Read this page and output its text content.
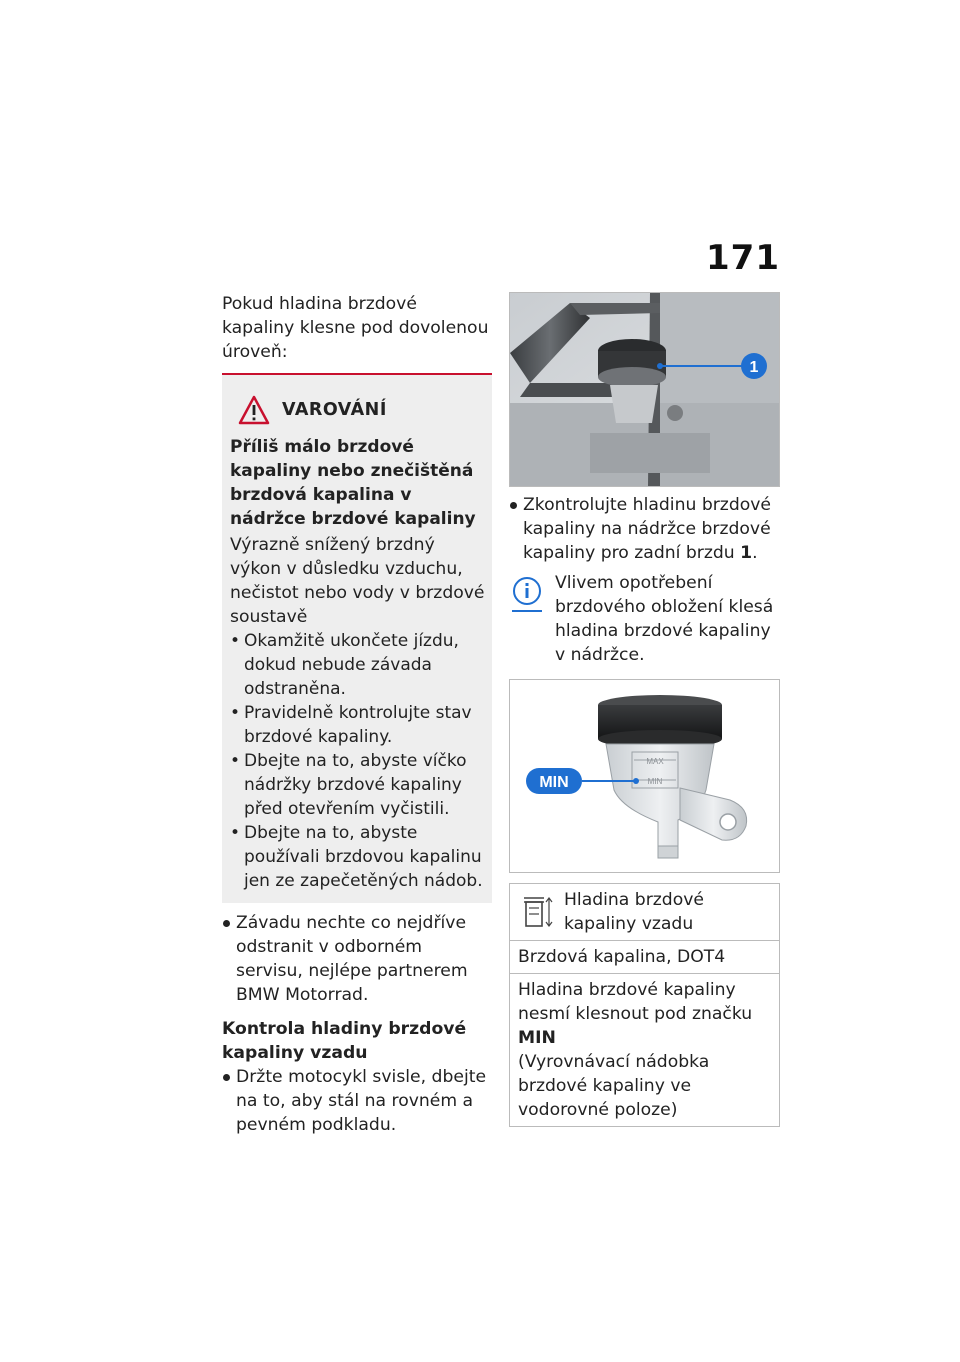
171

Pokud hladina brzdové kapaliny klesne pod dovolenou úroveň:

VAROVÁNÍ
Příliš málo brzdové kapaliny nebo znečištěná brzdová kapalina v nádržce brzdové kapaliny

Výrazně snížený brzdný výkon v důsledku vzduchu, nečistot nebo vody v brzdové soustavě

• Okamžitě ukončete jízdu, dokud nebude závada odstraněna.
• Pravidelně kontrolujte stav brzdové kapaliny.
• Dbejte na to, abyste víčko nádržky brzdové kapaliny před otevřením vyčistili.
• Dbejte na to, abyste používali brzdovou kapalinu jen ze zapečetěných nádob.
Závadu nechte co nejdříve odstranit v odborném servisu, nejlépe partnerem BMW Motorrad.
Kontrola hladiny brzdové kapaliny vzadu
Držte motocykl svisle, dbejte na to, aby stál na rovném a pevném podkladu.
1
Zkontrolujte hladinu brzdové kapaliny na nádržce brzdové kapaliny pro zadní brzdu 1.

Vlivem opotřebení brzdového obložení klesá hladina brzdové kapaliny v nádržce.

MAX
MIN
MIN
Hladina brzdové kapaliny vzadu
Brzdová kapalina, DOT4
Hladina brzdové kapaliny nesmí klesnout pod značku MIN
(Vyrovnávací nádobka brzdové kapaliny ve vodorovné poloze)
